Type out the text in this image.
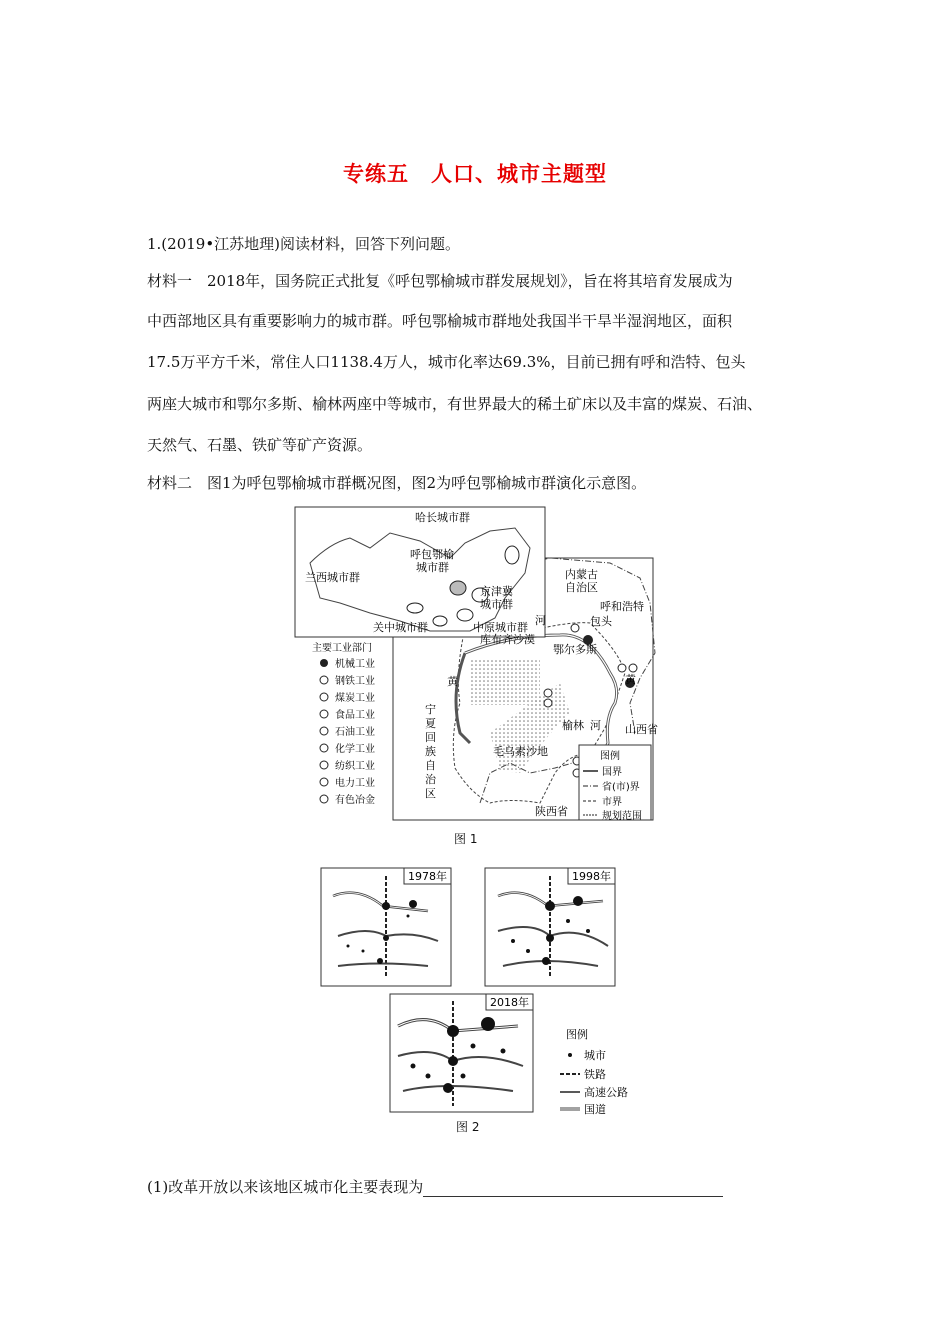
专练五　人口、城市主题型
1.(2019•江苏地理)阅读材料，回答下列问题。
材料一　2018年，国务院正式批复《呼包鄂榆城市群发展规划》，旨在将其培育发展成为
中西部地区具有重要影响力的城市群。呼包鄂榆城市群地处我国半干旱半湿润地区，面积
17.5万平方千米，常住人口1138.4万人，城市化率达69.3%，目前已拥有呼和浩特、包头
两座大城市和鄂尔多斯、榆林两座中等城市，有世界最大的稀土矿床以及丰富的煤炭、石油、
天然气、石墨、铁矿等矿产资源。
材料二　图1为呼包鄂榆城市群概况图，图2为呼包鄂榆城市群演化示意图。
哈长城市群
呼包鄂榆
城市群
兰西城市群
京津冀
城市群
关中城市群	中原城市群
内蒙古
自治区
呼和浩特
包头
河
库布齐沙漠
鄂尔多斯
黄	黄
山西省
榆林 河
毛乌素沙地
陕西省
宁
夏
回
族
自
治
区
主要工业部门
机械工业
钢铁工业
煤炭工业
食品工业
石油工业
化学工业
纺织工业
电力工业
有色冶金
图例
国界
省(市)界
市界
规划范围
图 1
1978年	1998年
2018年
图例
城市
铁路
高速公路
国道
图 2
(1)改革开放以来该地区城市化主要表现为
